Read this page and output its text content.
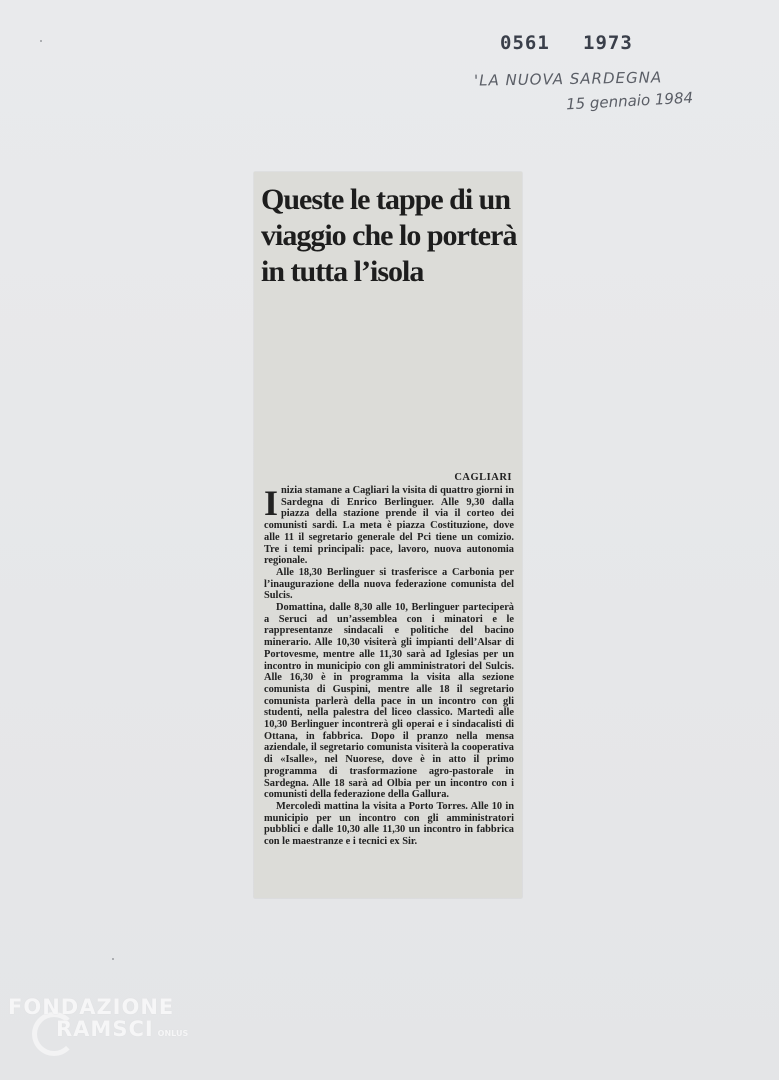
0561 1973
'LA NUOVA SARDEGNA
15 gennaio 1984
Queste le tappe di un viaggio che lo porterà in tutta l’isola
CAGLIARI

Inizia stamane a Cagliari la visita di quattro giorni in Sardegna di Enrico Berlinguer. Alle 9,30 dalla piazza della stazione prende il via il corteo dei comunisti sardi. La meta è piazza Costituzione, dove alle 11 il segretario generale del Pci tiene un comizio. Tre i temi principali: pace, lavoro, nuova autonomia regionale.

Alle 18,30 Berlinguer si trasferisce a Carbonia per l’inaugurazione della nuova federazione comunista del Sulcis.

Domattina, dalle 8,30 alle 10, Berlinguer parteciperà a Seruci ad un’assemblea con i minatori e le rappresentanze sindacali e politiche del bacino minerario. Alle 10,30 visiterà gli impianti dell’Alsar di Portovesme, mentre alle 11,30 sarà ad Iglesias per un incontro in municipio con gli amministratori del Sulcis. Alle 16,30 è in programma la visita alla sezione comunista di Guspini, mentre alle 18 il segretario comunista parlerà della pace in un incontro con gli studenti, nella palestra del liceo classico. Martedì alle 10,30 Berlinguer incontrerà gli operai e i sindacalisti di Ottana, in fabbrica. Dopo il pranzo nella mensa aziendale, il segretario comunista visiterà la cooperativa di «Isalle», nel Nuorese, dove è in atto il primo programma di trasformazione agro-pastorale in Sardegna. Alle 18 sarà ad Olbia per un incontro con i comunisti della federazione della Gallura.

Mercoledì mattina la visita a Porto Torres. Alle 10 in municipio per un incontro con gli amministratori pubblici e dalle 10,30 alle 11,30 un incontro in fabbrica con le maestranze e i tecnici ex Sir.

FONDAZIONE
RAMSCI ONLUS
